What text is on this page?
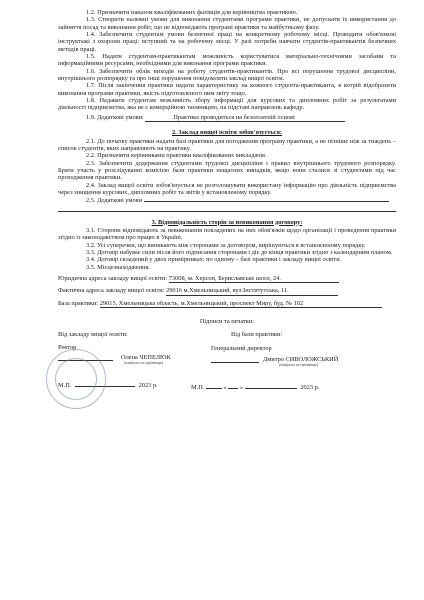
1.2. Призначити наказом кваліфікованих фахівців для керівництва практикою.

1.3. Створити належні умови для виконання студентами програми практики, не допускати їх використання до зайняття посад та виконання робіт, що не відповідають програмі практики та майбутньому фаху.

1.4. Забезпечити студентам умови безпечної праці на конкретному робочому місці. Проводити обов'язкові інструктажі з охорони праці: вступний та на робочому місці. У разі потреби навчати студентів-практикантів безпечних методів праці.

1.5. Надати студентам-практикантам можливість користуватися матеріально-технічними засобами та інформаційними ресурсами, необхідними для виконання програми практики.

1.6. Забезпечити облік виходів на роботу студентів-практикантів. Про всі порушення трудової дисципліни, внутрішнього розпорядку та про інші порушення повідомляти заклад вищої освіти.

1.7. Після закінчення практики надати характеристику на кожного студента-практиканта, в котрій відобразити виконання програми практики, якість підготовленого ним звіту тощо.

1.8. Надавати студентам можливість збору інформації для курсових та дипломних робіт за результатами діяльності підприємства, яка не є комерційною таємницею, на підставі направлень кафедр.

1.9. Додаткові умови:	Практика проводиться на безоплатній основі

2. Заклад вищої освіти зобов'язується:

2.1. До початку практики надати базі практики для погодження програму практики, а не пізніше ніж за тиждень – список студентів, яких направляють на практику.

2.2. Призначити керівниками практики кваліфікованих викладачів.

2.3. Забезпечити додержання студентами трудової дисципліни і правил внутрішнього трудового розпорядку. Брати участь у розслідуванні комісією бази практики нещасних випадків, якщо вони сталися зі студентами під час проходження практики.

2.4. Заклад вищої освіти зобов'язується не розголошувати використану інформацію про діяльність підприємства через знищення курсових, дипломних робіт та звітів у встановленому порядку.

2.5. Додаткові умови

3. Відповідальність сторін за невиконання договору:

3.1. Сторони відповідають за невиконання покладених на них обов'язків щодо організації і проведення практики згідно із законодавством про працю в Україні.

3.2. Усі суперечки, що виникають між сторонами за договором, вирішуються в встановленому порядку.

3.3. Договір набуває сили після його підписання сторонами і діє до кінця практики згідно з календарним планом.

3.4. Договір складений у двох примірниках: по одному – базі практики і закладу вищої освіти.

3.5. Місцезнаходження.

Юридична адреса закладу вищої освіти: 73008, м. Херсон, Бериславське шосе, 24.

Фактична адреса закладу вищої освіти: 29016 м.Хмельницький, вул.Інститутська, 11.

База практики: 29015, Хмельницька область, м.Хмельницький, проспект Миру, буд. № 102

Підписи та печатки:

Від закладу вищої освіти:

Ректор

Олена ЧЕПЕЛЮК

(ініціали та прізвище)

М.П.	2023 р.

Від бази практики:

Генеральний директор

Дмитро СИВОЛОЖСЬКИЙ

(ініціали та прізвище)

М.П.	« »	2023 р.
